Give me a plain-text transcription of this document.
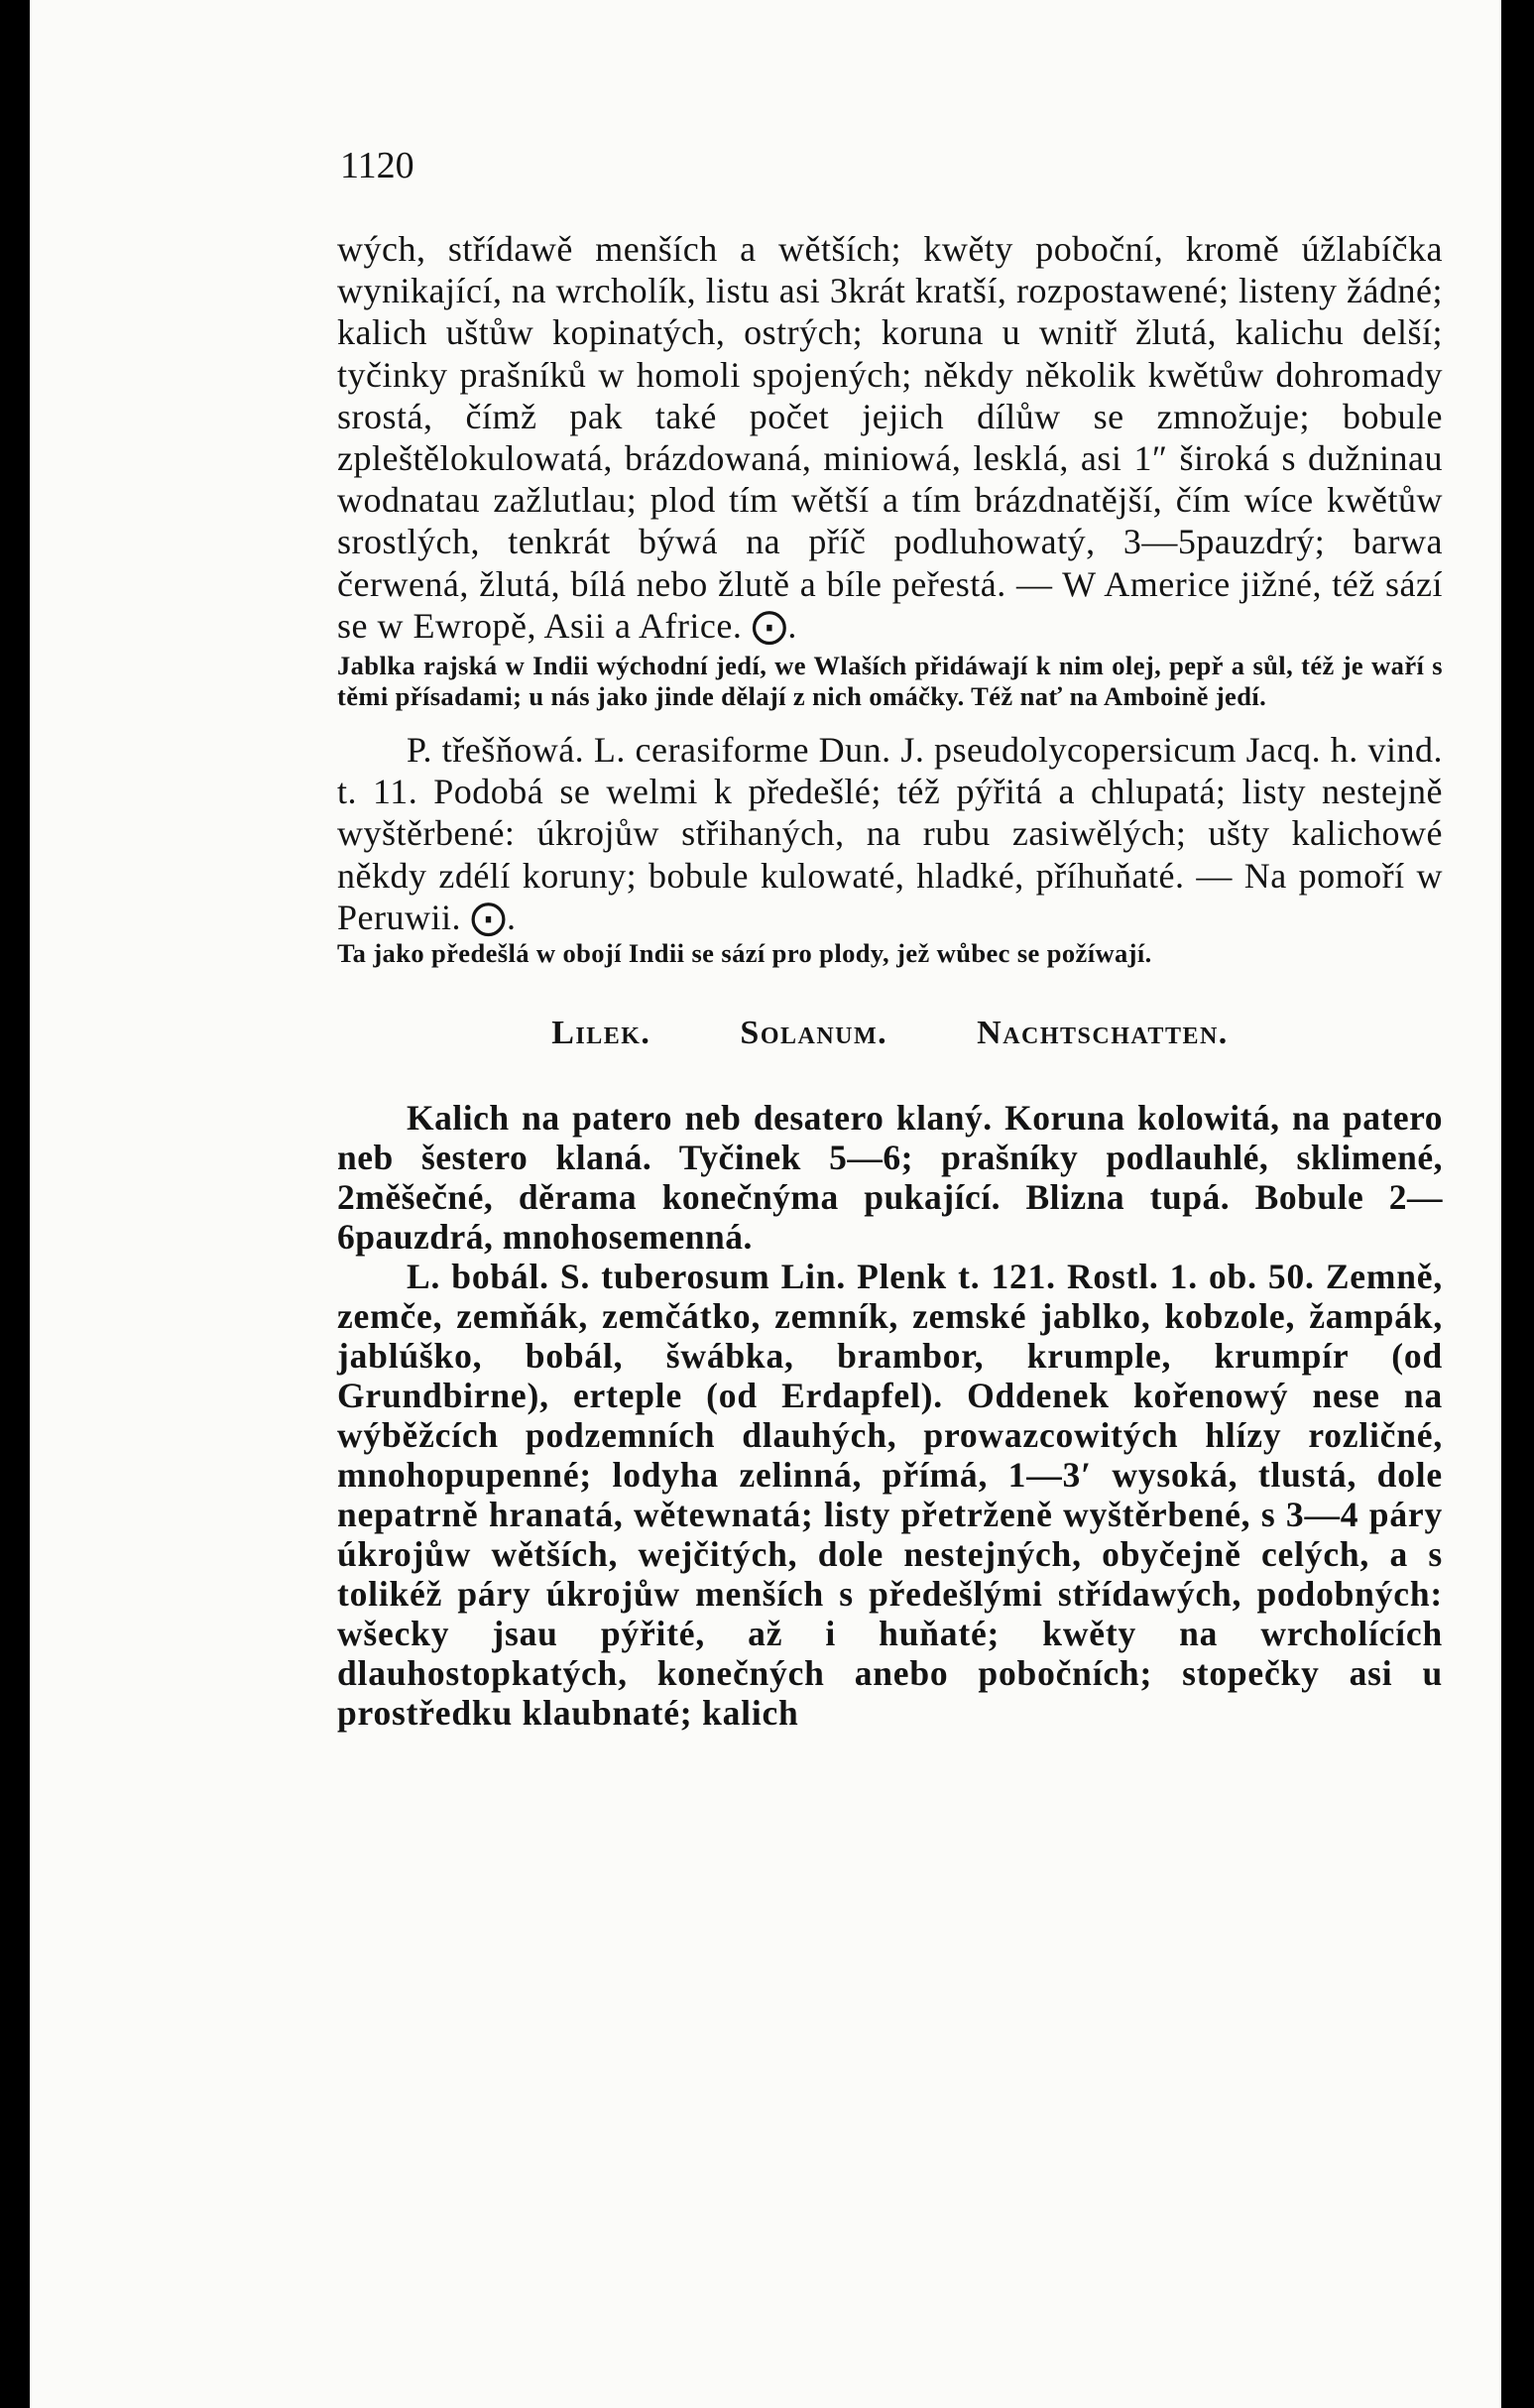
1120

wých, střídawě menších a wětších; kwěty poboční, kromě úžlabíčka wynikající, na wrcholík, listu asi 3krát kratší, rozpostawené; listeny žádné; kalich uštůw kopinatých, ostrých; koruna u wnitř žlutá, kalichu delší; tyčinky prašníků w homoli spojených; někdy několik kwětůw dohromady srostá, čímž pak také počet jejich dílůw se zmnožuje; bobule zpleštělokulowatá, brázdowaná, miniowá, lesklá, asi 1″ široká s dužninau wodnatau zažlutlau; plod tím wětší a tím brázdnatější, čím wíce kwětůw srostlých, tenkrát býwá na příč podluhowatý, 3—5pauzdrý; barwa čerwená, žlutá, bílá nebo žlutě a bíle peřestá. — W Americe jižné, též sází se w Ewropě, Asii a Africe. ⨀.

Jablka rajská w Indii wýchodní jedí, we Wlaších přidáwají k nim olej, pepř a sůl, též je waří s těmi přísadami; u nás jako jinde dělají z nich omáčky. Též nať na Amboině jedí.

P. třešňowá. L. cerasiforme Dun. J. pseudolycopersicum Jacq. h. vind. t. 11. Podobá se welmi k předešlé; též pýřitá a chlupatá; listy nestejně wyštěrbené: úkrojůw střihaných, na rubu zasiwělých; ušty kalichowé někdy zdélí koruny; bobule kulowaté, hladké, příhuňaté. — Na pomoří w Peruwii. ⨀.

Ta jako předešlá w obojí Indii se sází pro plody, jež wůbec se požíwají.

Lilek.	Solanum.	Nachtschatten.

Kalich na patero neb desatero klaný. Koruna kolowitá, na patero neb šestero klaná. Tyčinek 5—6; prašníky podlauhlé, sklimené, 2měšečné, děrama konečnýma pukající. Blizna tupá. Bobule 2—6pauzdrá, mnohosemenná.

L. bobál. S. tuberosum Lin. Plenk t. 121. Rostl. 1. ob. 50. Zemně, zemče, zemňák, zemčátko, zemník, zemské jablko, kobzole, žampák, jablúško, bobál, šwábka, brambor, krumple, krumpír (od Grundbirne), erteple (od Erdapfel). Oddenek kořenowý nese na wýběžcích podzemních dlauhých, prowazcowitých hlízy rozličné, mnohopupenné; lodyha zelinná, přímá, 1—3′ wysoká, tlustá, dole nepatrně hranatá, wětewnatá; listy přetrženě wyštěrbené, s 3—4 páry úkrojůw wětších, wejčitých, dole nestejných, obyčejně celých, a s tolikéž páry úkrojůw menších s předešlými střídawých, podobných: wšecky jsau pýřité, až i huňaté; kwěty na wrcholících dlauhostopkatých, konečných anebo pobočních; stopečky asi u prostředku klaubnaté; kalich
